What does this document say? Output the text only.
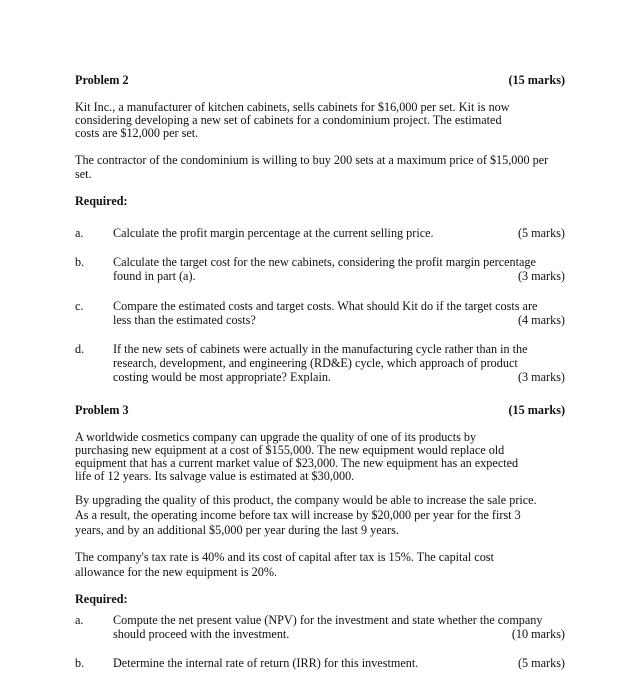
Problem 2	(15 marks)
Kit Inc., a manufacturer of kitchen cabinets, sells cabinets for $16,000 per set. Kit is now
considering developing a new set of cabinets for a condominium project. The estimated
costs are $12,000 per set.
The contractor of the condominium is willing to buy 200 sets at a maximum price of $15,000 per
set.
Required:
a. Calculate the profit margin percentage at the current selling price.	(5 marks)
b. Calculate the target cost for the new cabinets, considering the profit margin percentage
found in part (a).	(3 marks)
c. Compare the estimated costs and target costs. What should Kit do if the target costs are
less than the estimated costs?	(4 marks)
d. If the new sets of cabinets were actually in the manufacturing cycle rather than in the
research, development, and engineering (RD&E) cycle, which approach of product
costing would be most appropriate? Explain.	(3 marks)
Problem 3	(15 marks)
A worldwide cosmetics company can upgrade the quality of one of its products by
purchasing new equipment at a cost of $155,000. The new equipment would replace old
equipment that has a current market value of $23,000. The new equipment has an expected
life of 12 years. Its salvage value is estimated at $30,000.
By upgrading the quality of this product, the company would be able to increase the sale price.
As a result, the operating income before tax will increase by $20,000 per year for the first 3
years, and by an additional $5,000 per year during the last 9 years.
The company's tax rate is 40% and its cost of capital after tax is 15%. The capital cost
allowance for the new equipment is 20%.
Required:
a. Compute the net present value (NPV) for the investment and state whether the company
should proceed with the investment.	(10 marks)
b. Determine the internal rate of return (IRR) for this investment.	(5 marks)
